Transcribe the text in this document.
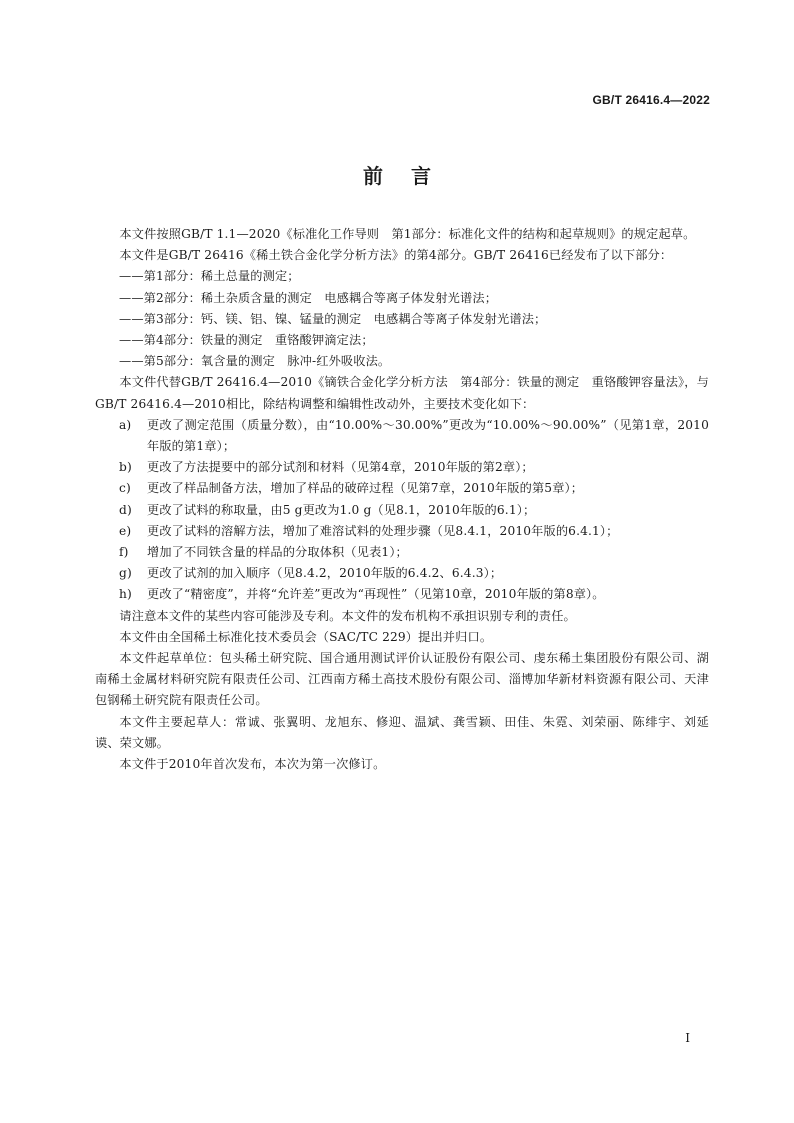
GB/T 26416.4—2022
前言

本文件按照GB/T 1.1—2020《标准化工作导则　第1部分：标准化文件的结构和起草规则》的规定起草。

本文件是GB/T 26416《稀土铁合金化学分析方法》的第4部分。GB/T 26416已经发布了以下部分：

——第1部分：稀土总量的测定；
——第2部分：稀土杂质含量的测定　电感耦合等离子体发射光谱法；
——第3部分：钙、镁、铝、镍、锰量的测定　电感耦合等离子体发射光谱法；
——第4部分：铁量的测定　重铬酸钾滴定法；
——第5部分：氧含量的测定　脉冲-红外吸收法。

本文件代替GB/T 26416.4—2010《镝铁合金化学分析方法　第4部分：铁量的测定　重铬酸钾容量法》，与GB/T 26416.4—2010相比，除结构调整和编辑性改动外，主要技术变化如下：

a)	更改了测定范围（质量分数），由“10.00%～30.00%”更改为“10.00%～90.00%”（见第1章，2010年版的第1章）；
b)	更改了方法提要中的部分试剂和材料（见第4章，2010年版的第2章）；
c)	更改了样品制备方法，增加了样品的破碎过程（见第7章，2010年版的第5章）；
d)	更改了试料的称取量，由5 g更改为1.0 g（见8.1，2010年版的6.1）；
e)	更改了试料的溶解方法，增加了难溶试料的处理步骤（见8.4.1，2010年版的6.4.1）；
f)	增加了不同铁含量的样品的分取体积（见表1）；
g)	更改了试剂的加入顺序（见8.4.2，2010年版的6.4.2、6.4.3）；
h)	更改了“精密度”，并将“允许差”更改为“再现性”（见第10章，2010年版的第8章）。

请注意本文件的某些内容可能涉及专利。本文件的发布机构不承担识别专利的责任。

本文件由全国稀土标准化技术委员会（SAC/TC 229）提出并归口。

本文件起草单位：包头稀土研究院、国合通用测试评价认证股份有限公司、虔东稀土集团股份有限公司、湖南稀土金属材料研究院有限责任公司、江西南方稀土高技术股份有限公司、淄博加华新材料资源有限公司、天津包钢稀土研究院有限责任公司。

本文件主要起草人：常诚、张翼明、龙旭东、修迎、温斌、龚雪颖、田佳、朱霓、刘荣丽、陈绯宇、刘延谟、荣文娜。

本文件于2010年首次发布，本次为第一次修订。

I
